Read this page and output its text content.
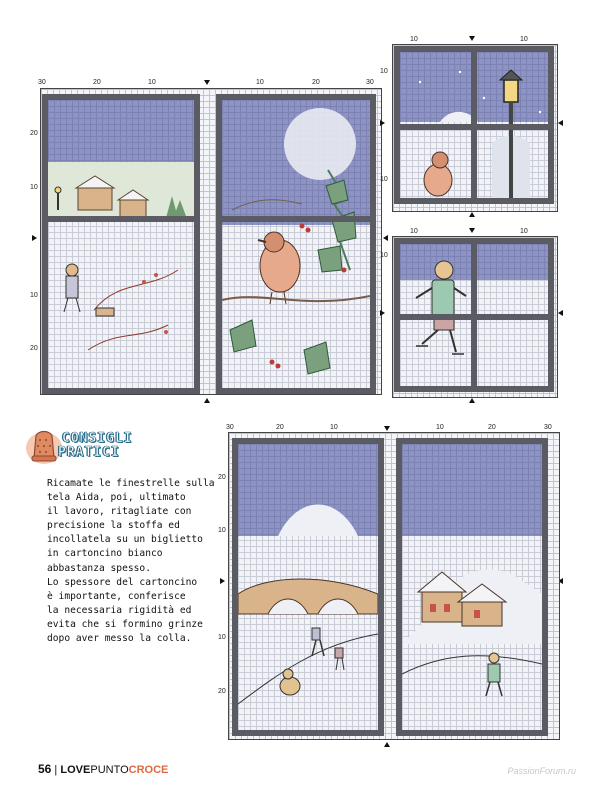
30	20	10	10	20	30
20
10
10
20
10	10
10
10
10	10
10
CONSIGLI
PRATICI

Ricamate le finestrelle sulla

tela Aida, poi, ultimato

il lavoro, ritagliate con

precisione la stoffa ed

incollatela su un biglietto

in cartoncino bianco

abbastanza spesso.

Lo spessore del cartoncino

è importante, conferisce

la necessaria rigidità ed

evita che si formino grinze

dopo aver messo la colla.

30	20	10	10	20	30
20
10
10
20
56 | LOVE PUNTOCROCE	PassionForum.ru
